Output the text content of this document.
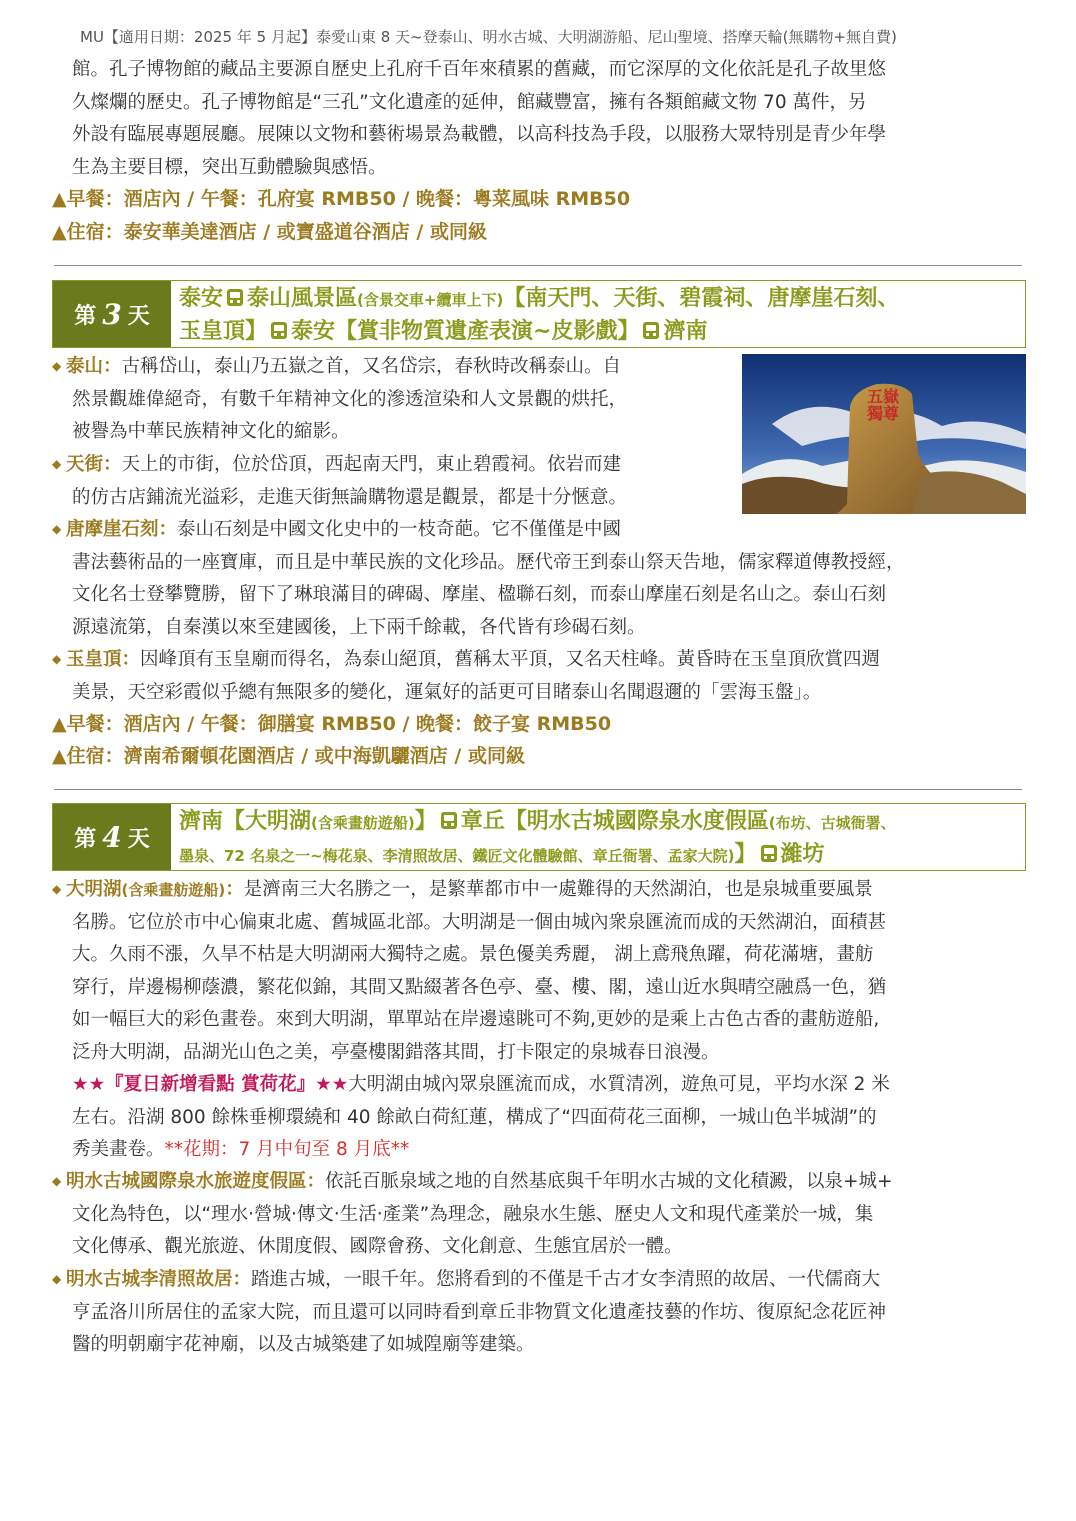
MU【適用日期：2025 年 5 月起】泰愛山東 8 天~登泰山、明水古城、大明湖游船、尼山聖境、搭摩天輪(無購物+無自費)

館。孔子博物館的藏品主要源自歷史上孔府千百年來積累的舊藏，而它深厚的文化依託是孔子故里悠

久燦爛的歷史。孔子博物館是“三孔”文化遺產的延伸，館藏豐富，擁有各類館藏文物 70 萬件，另

外設有臨展專題展廳。展陳以文物和藝術場景為載體，以高科技為手段，以服務大眾特別是青少年學

生為主要目標，突出互動體驗與感悟。

▲早餐：酒店內 / 午餐：孔府宴 RMB50 / 晚餐：粵菜風味 RMB50
▲住宿：泰安華美達酒店 / 或寶盛道谷酒店 / 或同級
第 3 天
泰安 泰山風景區(含景交車+纜車上下)【南天門、天街、碧霞祠、唐摩崖石刻、
玉皇頂】 泰安【賞非物質遺產表演~皮影戲】 濟南
五嶽獨尊
◆ 泰山：古稱岱山，泰山乃五嶽之首，又名岱宗，春秋時改稱泰山。自
然景觀雄偉絕奇，有數千年精神文化的滲透渲染和人文景觀的烘托，
被譽為中華民族精神文化的縮影。
◆ 天街：天上的市街，位於岱頂，西起南天門，東止碧霞祠。依岩而建
的仿古店鋪流光溢彩，走進天街無論購物還是觀景，都是十分愜意。
◆ 唐摩崖石刻：泰山石刻是中國文化史中的一枝奇葩。它不僅僅是中國
書法藝術品的一座寶庫，而且是中華民族的文化珍品。歷代帝王到泰山祭天告地，儒家釋道傳教授經，
文化名士登攀覽勝，留下了琳琅滿目的碑碣、摩崖、楹聯石刻，而泰山摩崖石刻是名山之。泰山石刻
源遠流第，自秦漢以來至建國後，上下兩千餘載，各代皆有珍碣石刻。
◆ 玉皇頂：因峰頂有玉皇廟而得名，為泰山絕頂，舊稱太平頂，又名天柱峰。黃昏時在玉皇頂欣賞四週
美景，天空彩霞似乎總有無限多的變化，運氣好的話更可目睹泰山名聞遐邇的「雲海玉盤」。
▲早餐：酒店內 / 午餐：御膳宴 RMB50 / 晚餐：餃子宴 RMB50
▲住宿：濟南希爾頓花園酒店 / 或中海凱驪酒店 / 或同級
第 4 天
濟南【大明湖(含乘畫舫遊船)】 章丘【明水古城國際泉水度假區(布坊、古城衙署、
墨泉、72 名泉之一~梅花泉、李清照故居、鐵匠文化體驗館、章丘衙署、孟家大院)】 濰坊
◆ 大明湖(含乘畫舫遊船)：是濟南三大名勝之一，是繁華都市中一處難得的天然湖泊，也是泉城重要風景
名勝。它位於市中心偏東北處、舊城區北部。大明湖是一個由城內衆泉匯流而成的天然湖泊，面積甚
大。久雨不漲，久旱不枯是大明湖兩大獨特之處。景色優美秀麗， 湖上鳶飛魚躍，荷花滿塘，畫舫
穿行，岸邊楊柳蔭濃，繁花似錦，其間又點綴著各色亭、臺、樓、閣，遠山近水與晴空融爲一色，猶
如一幅巨大的彩色畫卷。來到大明湖，單單站在岸邊遠眺可不夠,更妙的是乘上古色古香的畫舫遊船,
泛舟大明湖，品湖光山色之美，亭臺樓閣錯落其間，打卡限定的泉城春日浪漫。
★★『夏日新增看點 賞荷花』★★大明湖由城內眾泉匯流而成，水質清冽，遊魚可見，平均水深 2 米
左右。沿湖 800 餘株垂柳環繞和 40 餘畝白荷紅蓮，構成了“四面荷花三面柳，一城山色半城湖”的
秀美畫卷。**花期：7 月中旬至 8 月底**
◆ 明水古城國際泉水旅遊度假區：依託百脈泉域之地的自然基底與千年明水古城的文化積澱，以泉+城+
文化為特色，以“理水·營城·傳文·生活·產業”為理念，融泉水生態、歷史人文和現代產業於一城，集
文化傳承、觀光旅遊、休閒度假、國際會務、文化創意、生態宜居於一體。
◆ 明水古城李清照故居：踏進古城，一眼千年。您將看到的不僅是千古才女李清照的故居、一代儒商大
亨孟洛川所居住的孟家大院，而且還可以同時看到章丘非物質文化遺產技藝的作坊、復原紀念花匠神
醫的明朝廟宇花神廟，以及古城築建了如城隍廟等建築。
